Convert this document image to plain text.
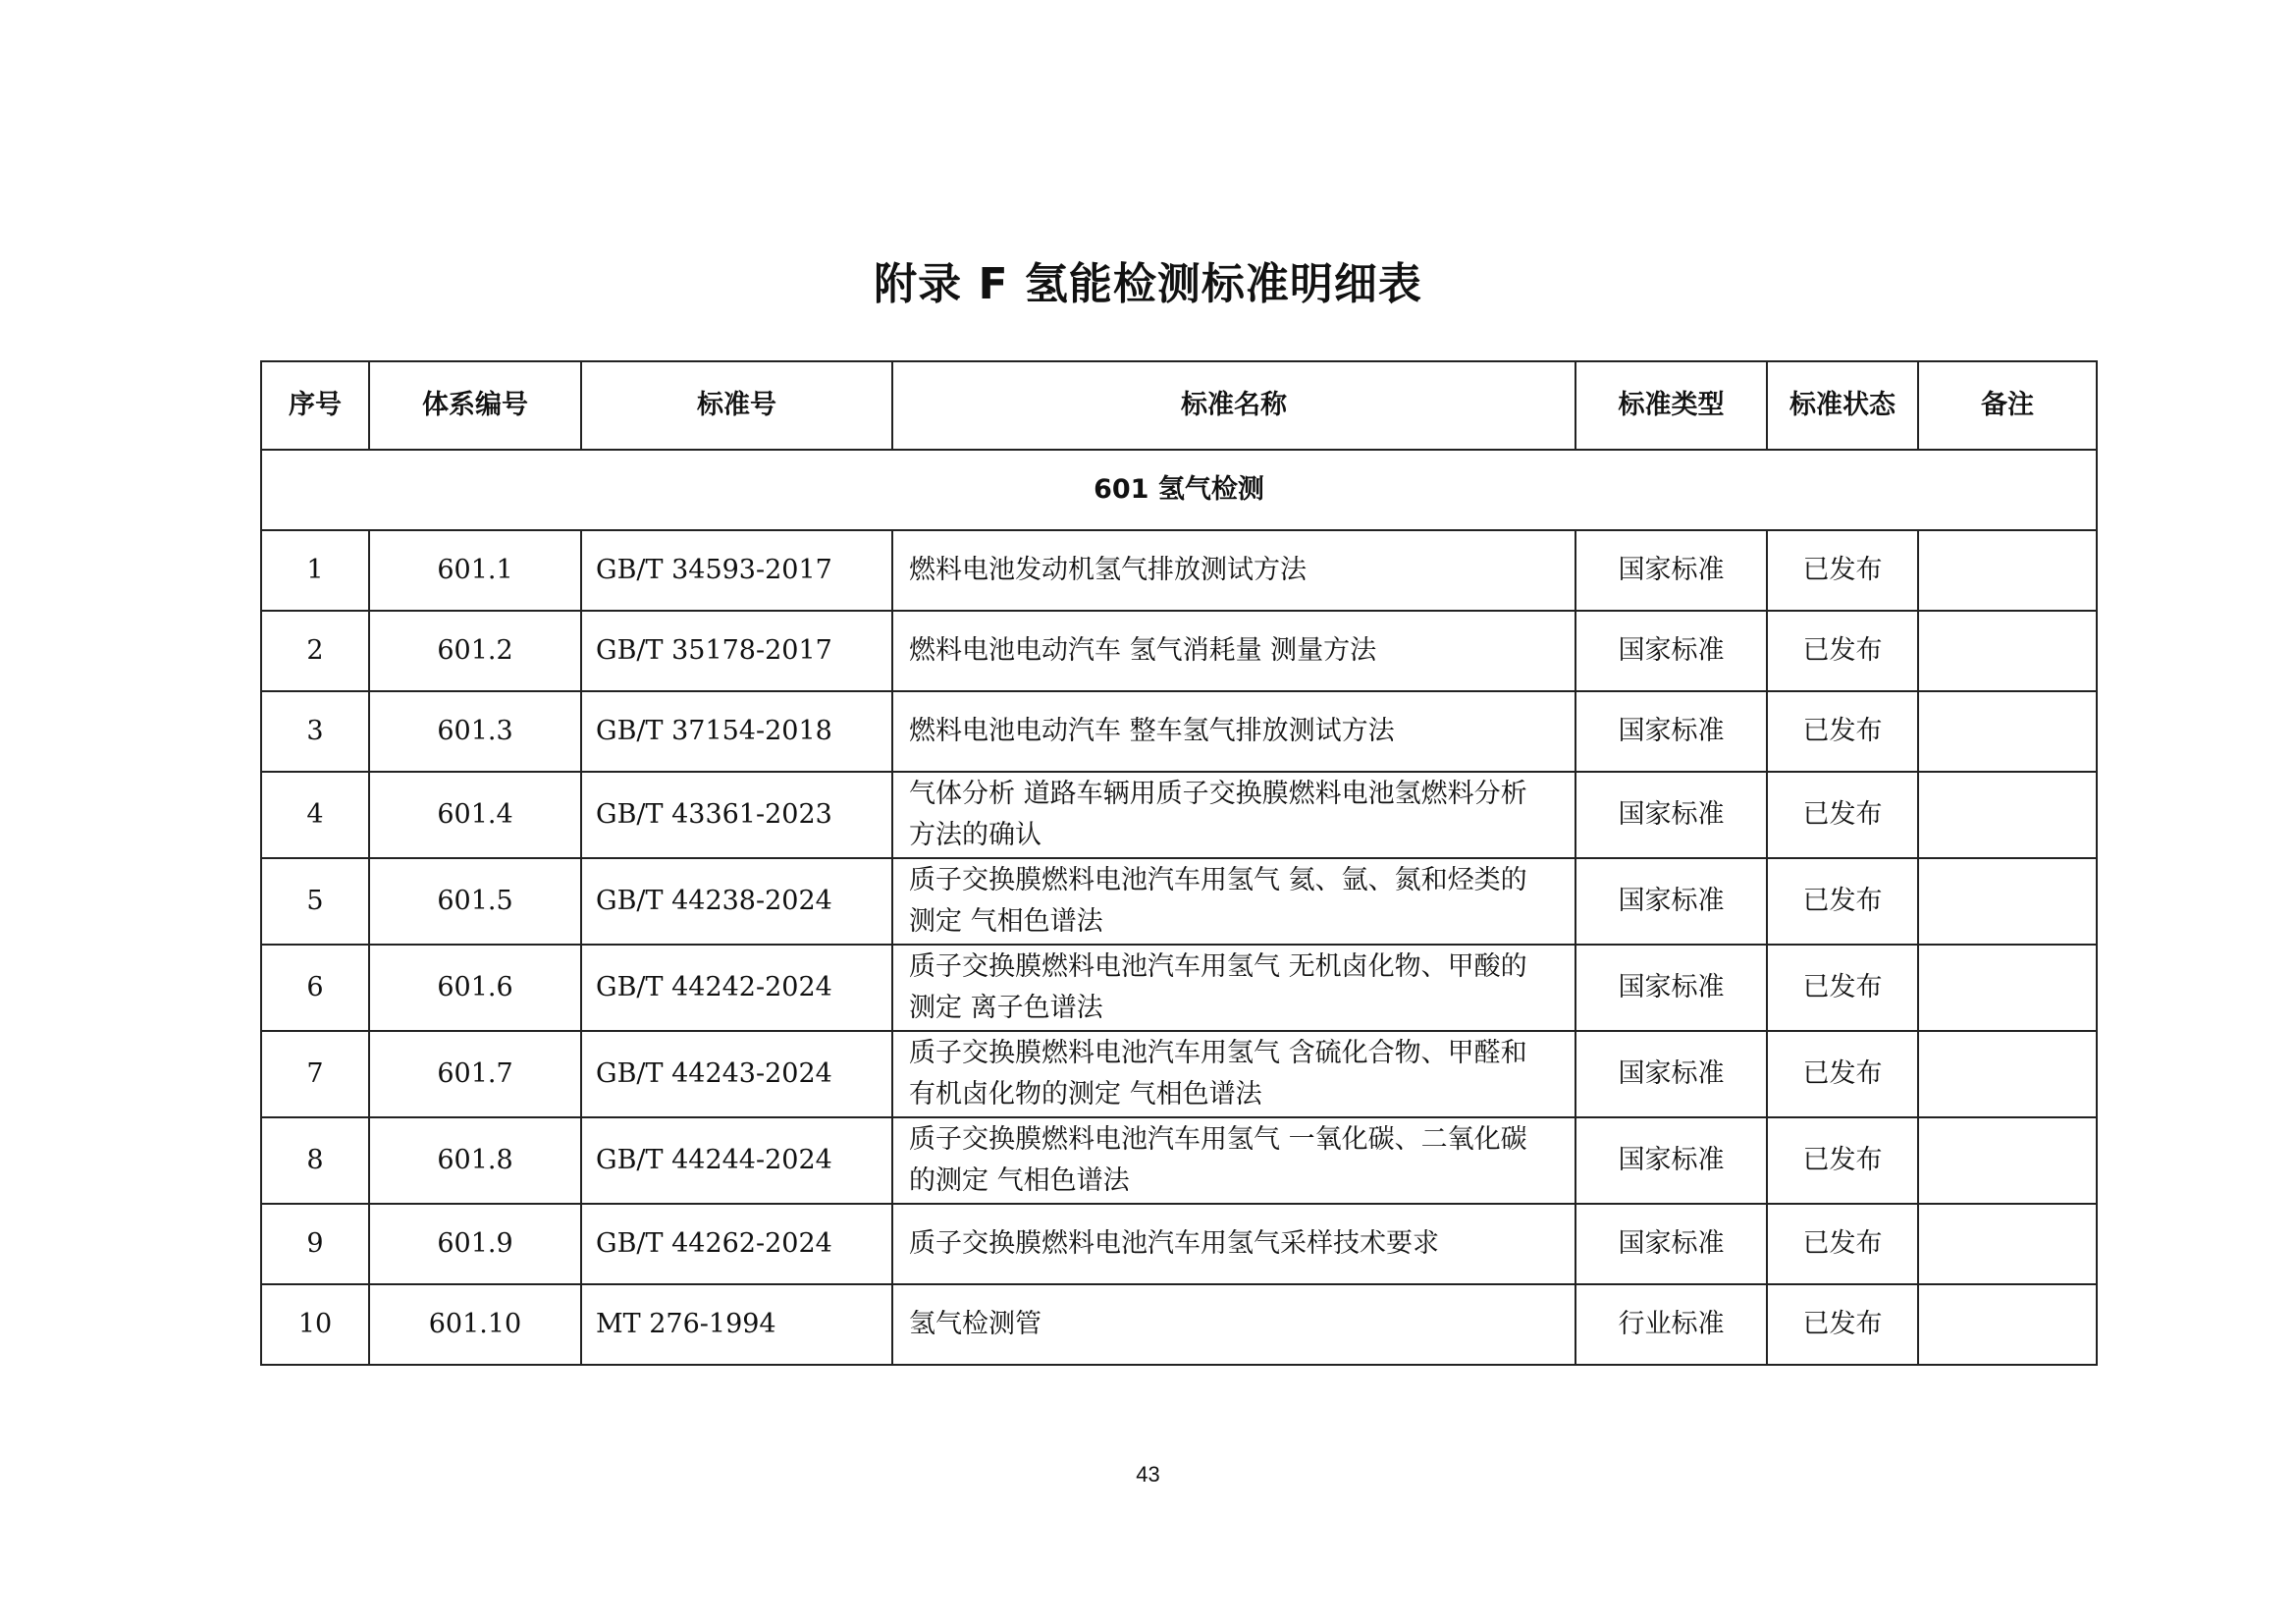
附录 F 氢能检测标准明细表
序号	体系编号	标准号	标准名称	标准类型	标准状态	备注
601 氢气检测						
1	601.1	GB/T 34593-2017	燃料电池发动机氢气排放测试方法	国家标准	已发布	
2	601.2	GB/T 35178-2017	燃料电池电动汽车 氢气消耗量 测量方法	国家标准	已发布	
3	601.3	GB/T 37154-2018	燃料电池电动汽车 整车氢气排放测试方法	国家标准	已发布	
4	601.4	GB/T 43361-2023	气体分析 道路车辆用质子交换膜燃料电池氢燃料分析方法的确认	国家标准	已发布	
5	601.5	GB/T 44238-2024	质子交换膜燃料电池汽车用氢气 氦、氩、氮和烃类的测定 气相色谱法	国家标准	已发布	
6	601.6	GB/T 44242-2024	质子交换膜燃料电池汽车用氢气 无机卤化物、甲酸的测定 离子色谱法	国家标准	已发布	
7	601.7	GB/T 44243-2024	质子交换膜燃料电池汽车用氢气 含硫化合物、甲醛和有机卤化物的测定 气相色谱法	国家标准	已发布	
8	601.8	GB/T 44244-2024	质子交换膜燃料电池汽车用氢气 一氧化碳、二氧化碳的测定 气相色谱法	国家标准	已发布	
9	601.9	GB/T 44262-2024	质子交换膜燃料电池汽车用氢气采样技术要求	国家标准	已发布	
10	601.10	MT 276-1994	氢气检测管	行业标准	已发布	
43
